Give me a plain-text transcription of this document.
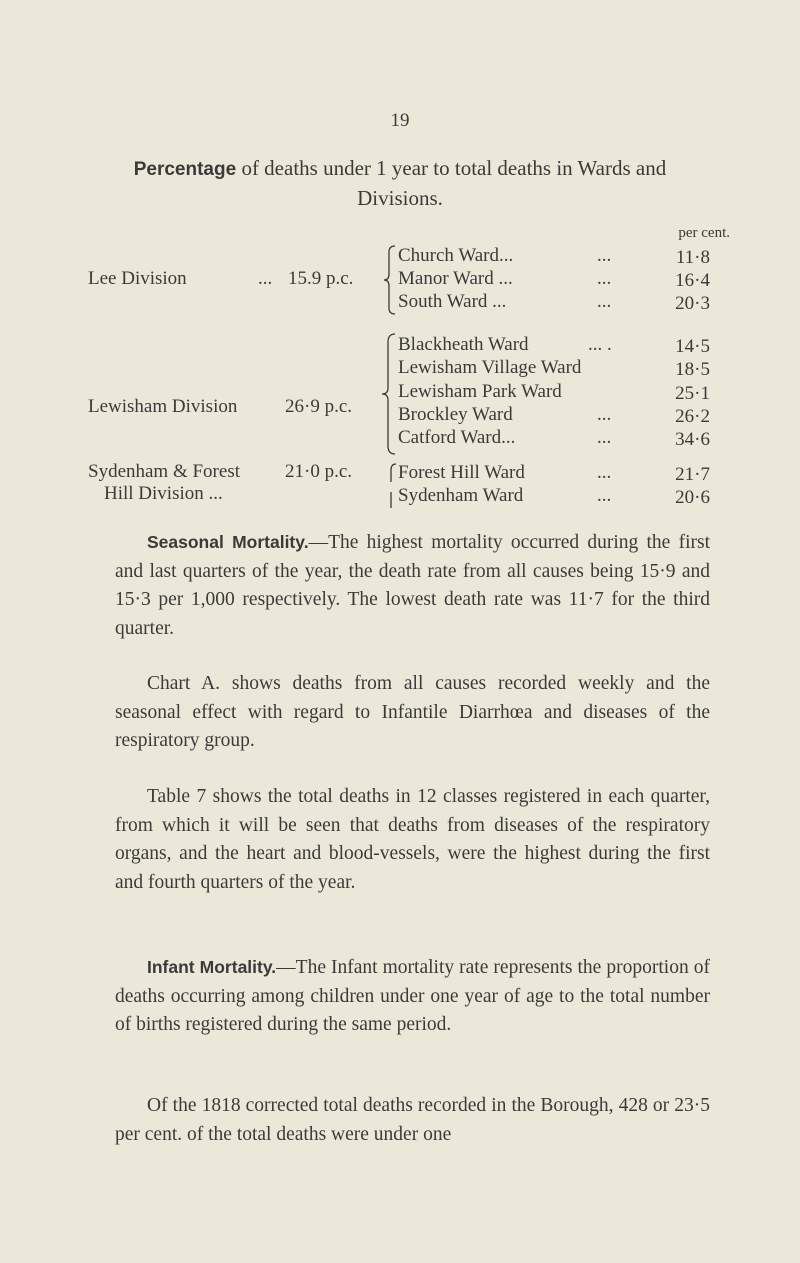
19
Percentage of deaths under 1 year to total deaths in Wards and Divisions.
per cent.
Lee Division	... 15.9 p.c.
Church Ward...	...	11·8
Manor Ward ...	...	16·4
South Ward ...	...	20·3
Lewisham Division	26·9 p.c.
Blackheath Ward	... .	14·5
Lewisham Village Ward	18·5
Lewisham Park Ward	25·1
Brockley Ward	...	26·2
Catford Ward...	...	34·6
Sydenham & Forest
Hill Division ...
21·0 p.c. Forest Hill Ward	...	21·7
Sydenham Ward	...	20·6
Seasonal Mortality.—The highest mortality occurred during the first and last quarters of the year, the death rate from all causes being 15·9 and 15·3 per 1,000 respectively. The lowest death rate was 11·7 for the third quarter.
Chart A. shows deaths from all causes recorded weekly and the seasonal effect with regard to Infantile Diarrhœa and diseases of the respiratory group.
Table 7 shows the total deaths in 12 classes registered in each quarter, from which it will be seen that deaths from diseases of the respiratory organs, and the heart and blood-vessels, were the highest during the first and fourth quarters of the year.
Infant Mortality.—The Infant mortality rate represents the proportion of deaths occurring among children under one year of age to the total number of births registered during the same period.
Of the 1818 corrected total deaths recorded in the Borough, 428 or 23·5 per cent. of the total deaths were under one
